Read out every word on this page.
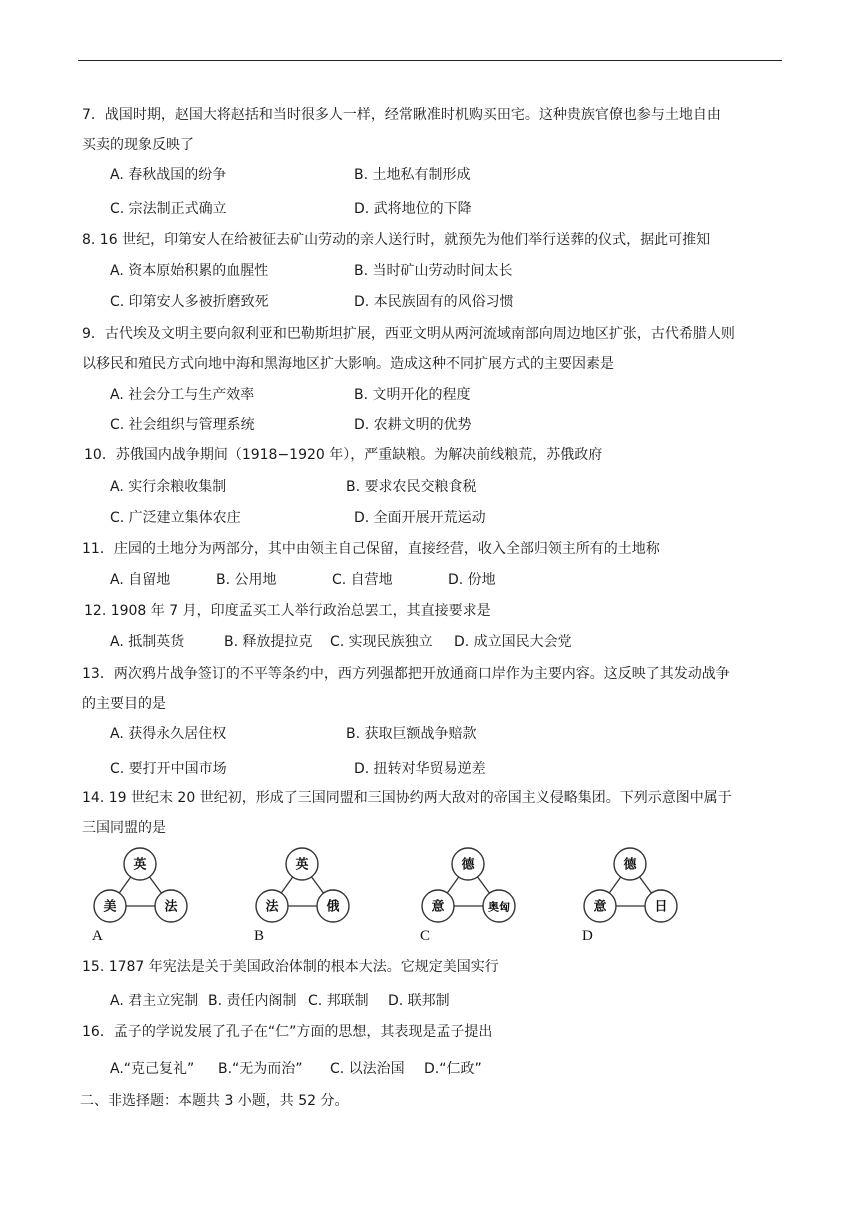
7．战国时期，赵国大将赵括和当时很多人一样，经常瞅准时机购买田宅。这种贵族官僚也参与土地自由
买卖的现象反映了
A. 春秋战国的纷争	B. 土地私有制形成
C. 宗法制正式确立	D. 武将地位的下降
8. 16 世纪，印第安人在给被征去矿山劳动的亲人送行时，就预先为他们举行送葬的仪式，据此可推知
A. 资本原始积累的血腥性	B. 当时矿山劳动时间太长
C. 印第安人多被折磨致死	D. 本民族固有的风俗习惯
9．古代埃及文明主要向叙利亚和巴勒斯坦扩展，西亚文明从两河流域南部向周边地区扩张，古代希腊人则
以移民和殖民方式向地中海和黑海地区扩大影响。造成这种不同扩展方式的主要因素是
A. 社会分工与生产效率	B. 文明开化的程度
C. 社会组织与管理系统	D. 农耕文明的优势
10．苏俄国内战争期间（1918−1920 年），严重缺粮。为解决前线粮荒，苏俄政府
A. 实行余粮收集制	B. 要求农民交粮食税
C. 广泛建立集体农庄	D. 全面开展开荒运动
11．庄园的土地分为两部分，其中由领主自己保留，直接经营，收入全部归领主所有的土地称
A. 自留地	B. 公用地	C. 自营地	D. 份地
12. 1908 年 7 月，印度孟买工人举行政治总罢工，其直接要求是
A. 抵制英货	B. 释放提拉克 C. 实现民族独立 D. 成立国民大会党
13．两次鸦片战争签订的不平等条约中，西方列强都把开放通商口岸作为主要内容。这反映了其发动战争
的主要目的是
A. 获得永久居住权	B. 获取巨额战争赔款
C. 要打开中国市场	D. 扭转对华贸易逆差
14. 19 世纪末 20 世纪初，形成了三国同盟和三国协约两大敌对的帝国主义侵略集团。下列示意图中属于
三国同盟的是
英
美	法
A
英
法	俄
B
德
意	奥匈
C
德
意	日
D
15. 1787 年宪法是关于美国政治体制的根本大法。它规定美国实行
A. 君主立宪制 B. 责任内阁制 C. 邦联制 D. 联邦制
16．孟子的学说发展了孔子在“仁”方面的思想，其表现是孟子提出
A.“克己复礼” B.“无为而治” C. 以法治国 D.“仁政”
二、非选择题：本题共 3 小题，共 52 分。
